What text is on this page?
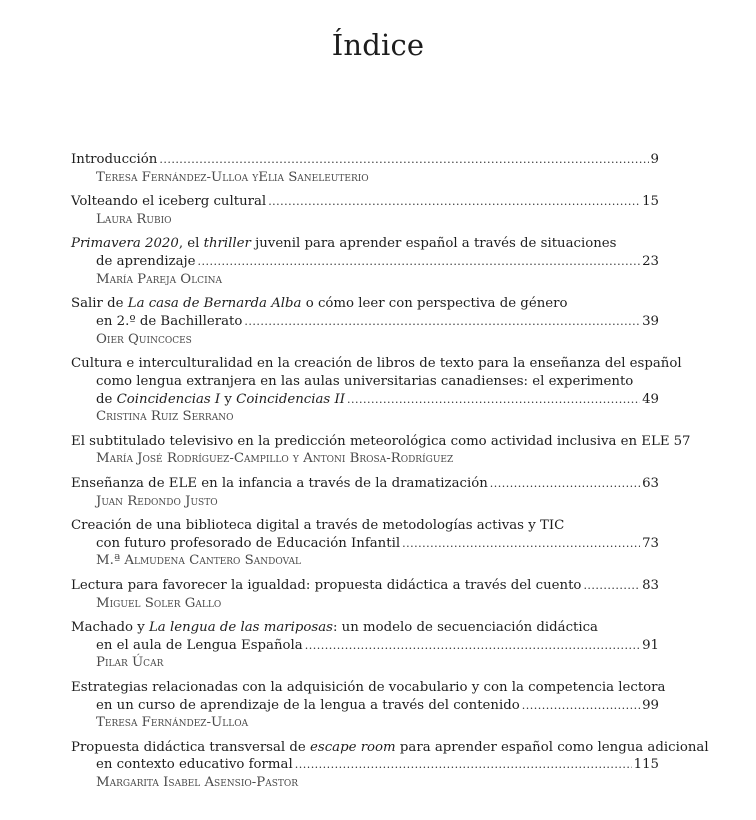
Índice
Introducción .....	9
Teresa Fernández-Ulloa yElia Saneleuterio
Volteando el iceberg cultural .....	15
Laura Rubio
Primavera 2020, el thriller juvenil para aprender español a través de situaciones
de aprendizaje .....	23
María Pareja Olcina
Salir de La casa de Bernarda Alba o cómo leer con perspectiva de género
en 2.º de Bachillerato .....	39
Oier Quincoces
Cultura e interculturalidad en la creación de libros de texto para la enseñanza del español
como lengua extranjera en las aulas universitarias canadienses: el experimento
de Coincidencias I y Coincidencias II .....	49
Cristina Ruiz Serrano
El subtitulado televisivo en la predicción meteorológica como actividad inclusiva en ELE 57
María José Rodríguez-Campillo y Antoni Brosa-Rodríguez
Enseñanza de ELE en la infancia a través de la dramatización .....	63
Juan Redondo Justo
Creación de una biblioteca digital a través de metodologías activas y TIC
con futuro profesorado de Educación Infantil .....	73
M.ª Almudena Cantero Sandoval
Lectura para favorecer la igualdad: propuesta didáctica a través del cuento .....	83
Miguel Soler Gallo
Machado y La lengua de las mariposas: un modelo de secuenciación didáctica
en el aula de Lengua Española .....	91
Pilar Úcar
Estrategias relacionadas con la adquisición de vocabulario y con la competencia lectora
en un curso de aprendizaje de la lengua a través del contenido .....	99
Teresa Fernández-Ulloa
Propuesta didáctica transversal de escape room para aprender español como lengua adicional
en contexto educativo formal .....	115
Margarita Isabel Asensio-Pastor
